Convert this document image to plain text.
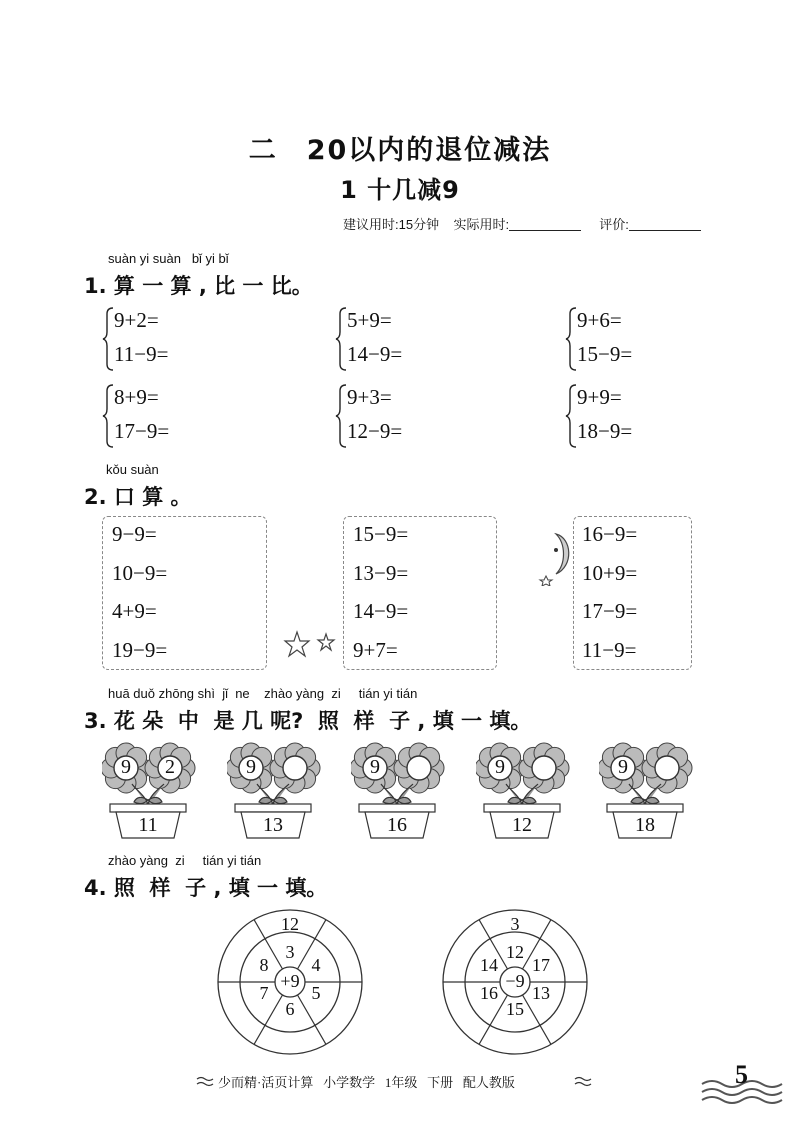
二　20以内的退位减法
1 十几减9
建议用时:15分钟 实际用时:	评价:
suàn yi suàn   bǐ yi bǐ
1. 算 一 算 , 比 一 比。
9+2=
11−9=
5+9=
14−9=
9+6=
15−9=
8+9=
17−9=
9+3=
12−9=
9+9=
18−9=
kǒu suàn
2. 口 算 。
9−9=
10−9=
4+9=
19−9=
15−9=
13−9=
14−9=
9+7=
16−9=
10+9=
17−9=
11−9=
huā duǒ zhōng shì  jǐ  ne    zhào yàng  zi     tián yi tián
3. 花 朵  中  是 几 呢?  照  样  子 , 填 一 填。
9	2
11
9
13
9
16
9
12
9
18
zhào yàng  zi     tián yi tián
4. 照  样  子 , 填 一 填。
+9
12
3
8	4
7	5
6
−9
3
12
14	17
16	13
15
少而精·活页计算   小学数学   1年级   下册   配人教版	5
